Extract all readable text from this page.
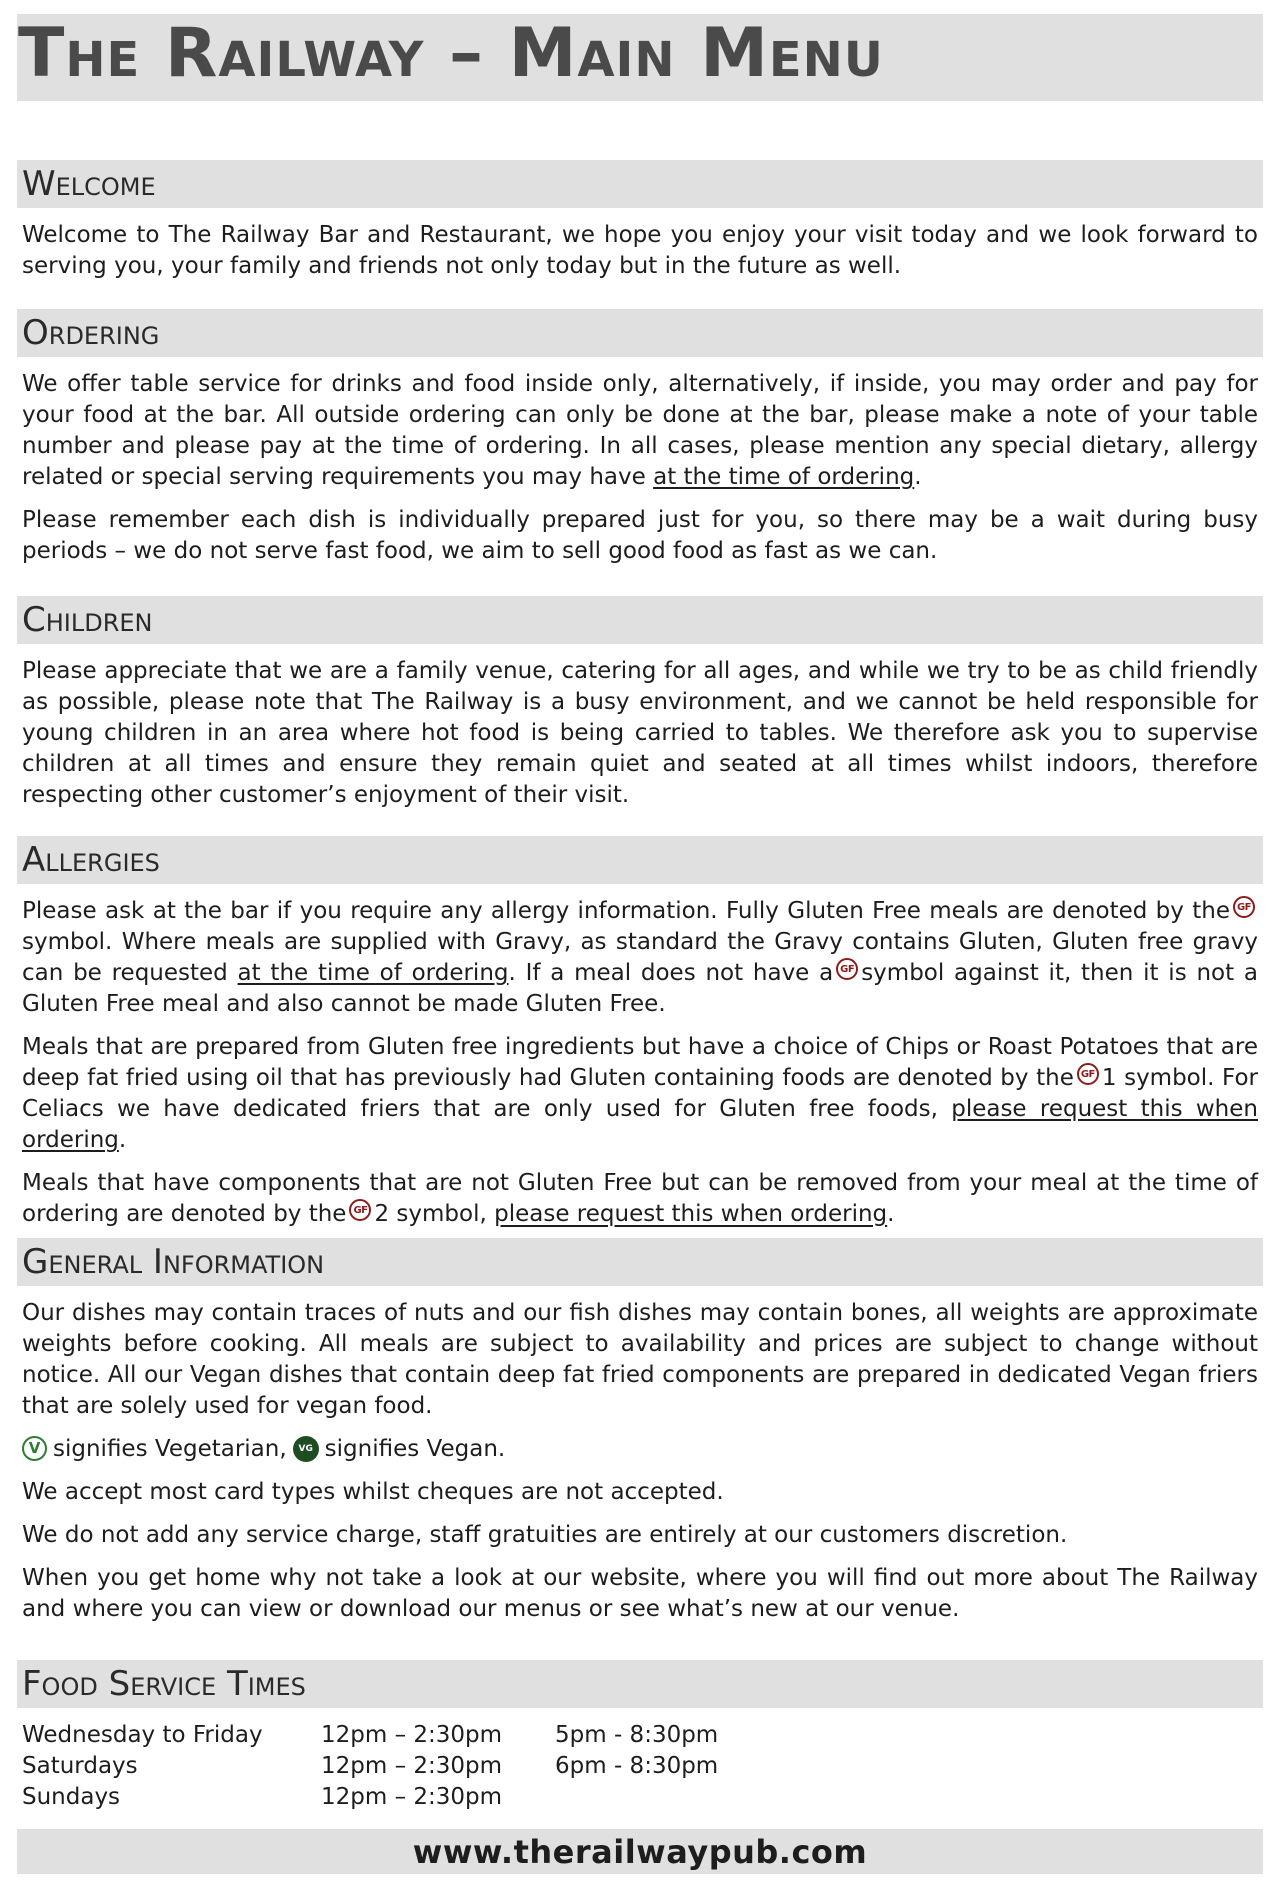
The Railway – Main Menu
Welcome

Welcome to The Railway Bar and Restaurant, we hope you enjoy your visit today and we look forward to serving you, your family and friends not only today but in the future as well.

Ordering

We offer table service for drinks and food inside only, alternatively, if inside, you may order and pay for your food at the bar. All outside ordering can only be done at the bar, please make a note of your table number and please pay at the time of ordering. In all cases, please mention any special dietary, allergy related or special serving requirements you may have at the time of ordering.

Please remember each dish is individually prepared just for you, so there may be a wait during busy periods – we do not serve fast food, we aim to sell good food as fast as we can.

Children

Please appreciate that we are a family venue, catering for all ages, and while we try to be as child friendly as possible, please note that The Railway is a busy environment, and we cannot be held responsible for young children in an area where hot food is being carried to tables. We therefore ask you to supervise children at all times and ensure they remain quiet and seated at all times whilst indoors, therefore respecting other customer’s enjoyment of their visit.

Allergies

Please ask at the bar if you require any allergy information. Fully Gluten Free meals are denoted by the GFsymbol. Where meals are supplied with Gravy, as standard the Gravy contains Gluten, Gluten free gravy can be requested at the time of ordering. If a meal does not have a GF symbol against it, then it is not a Gluten Free meal and also cannot be made Gluten Free.

Meals that are prepared from Gluten free ingredients but have a choice of Chips or Roast Potatoes that are deep fat fried using oil that has previously had Gluten containing foods are denoted by the GF 1 symbol. For Celiacs we have dedicated friers that are only used for Gluten free foods, please request this when ordering.

Meals that have components that are not Gluten Free but can be removed from your meal at the time of ordering are denoted by the GF 2 symbol, please request this when ordering.

General Information

Our dishes may contain traces of nuts and our fish dishes may contain bones, all weights are approximate weights before cooking. All meals are subject to availability and prices are subject to change without notice. All our Vegan dishes that contain deep fat fried components are prepared in dedicated Vegan friers that are solely used for vegan food.

V signifies Vegetarian, VG signifies Vegan.

We accept most card types whilst cheques are not accepted.

We do not add any service charge, staff gratuities are entirely at our customers discretion.

When you get home why not take a look at our website, where you will find out more about The Railway and where you can view or download our menus or see what’s new at our venue.

Food Service Times
Wednesday to Friday	12pm – 2:30pm	5pm - 8:30pm
Saturdays	12pm – 2:30pm	6pm - 8:30pm
Sundays	12pm – 2:30pm	
www.therailwaypub.com
